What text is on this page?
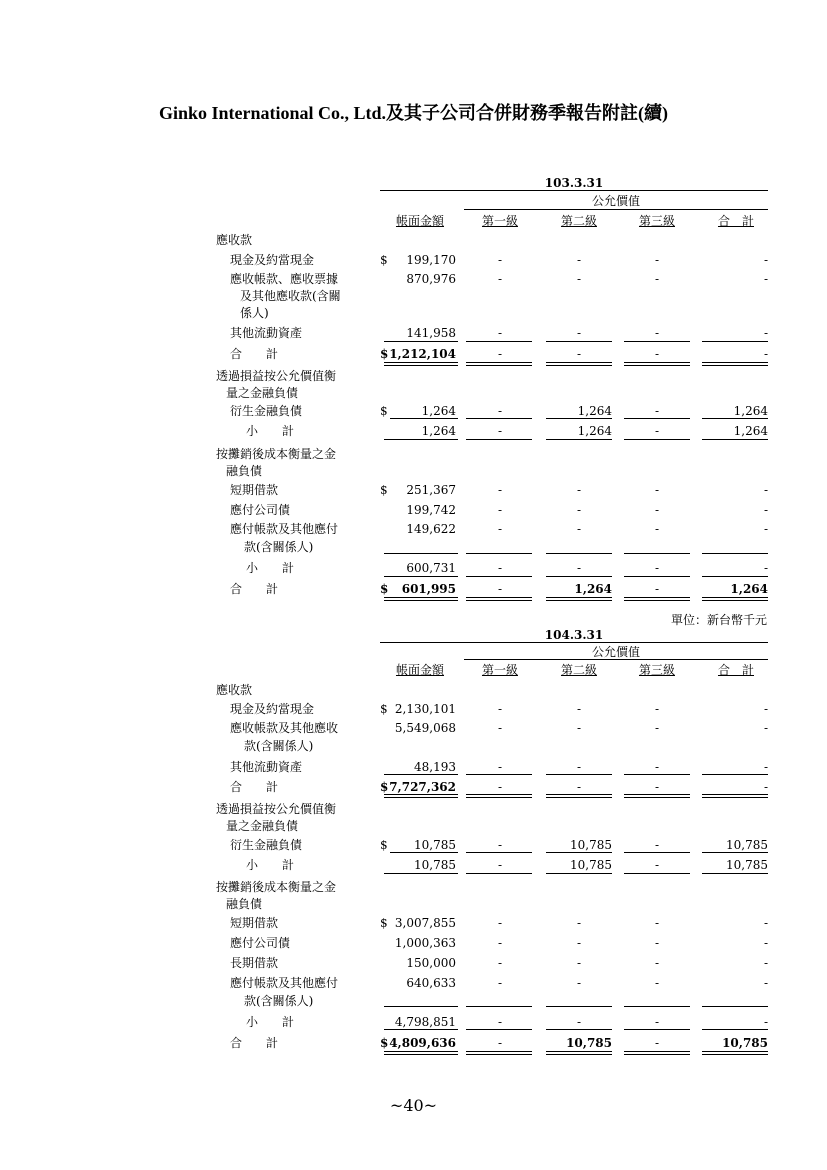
Ginko International Co., Ltd.及其子公司合併財務季報告附註(續)
103.3.31
公允價值
帳面金額	第一級	第二級	第三級	合　計
應收款
現金及約當現金	$	199,170	-	-	-	-
應收帳款、應收票據
及其他應收款(含關
係人)
870,976	-	-	-	-
其他流動資產	141,958	-	-	-	-
合　　計	$ 1,212,104	-	-	-	-
透過損益按公允價值衡
量之金融負債
衍生金融負債	$	1,264	-	1,264	-	1,264
小　　計	1,264	-	1,264	-	1,264
按攤銷後成本衡量之金
融負債
短期借款	$	251,367	-	-	-	-
應付公司債	199,742	-	-	-	-
應付帳款及其他應付
款(含關係人)
149,622	-	-	-	-
小　　計	600,731	-	-	-	-
合　　計	$	601,995	-	1,264	-	1,264
單位：新台幣千元
104.3.31
公允價值
帳面金額	第一級	第二級	第三級	合　計
應收款
現金及約當現金	$ 2,130,101	-	-	-	-
應收帳款及其他應收
款(含關係人)
5,549,068	-	-	-	-
其他流動資產	48,193	-	-	-	-
合　　計	$ 7,727,362	-	-	-	-
透過損益按公允價值衡
量之金融負債
衍生金融負債	$	10,785	-	10,785	-	10,785
小　　計	10,785	-	10,785	-	10,785
按攤銷後成本衡量之金
融負債
短期借款	$ 3,007,855	-	-	-	-
應付公司債	1,000,363	-	-	-	-
長期借款	150,000	-	-	-	-
應付帳款及其他應付
款(含關係人)
640,633	-	-	-	-
小　　計	4,798,851	-	-	-	-
合　　計	$ 4,809,636	-	10,785	-	10,785
~40~
